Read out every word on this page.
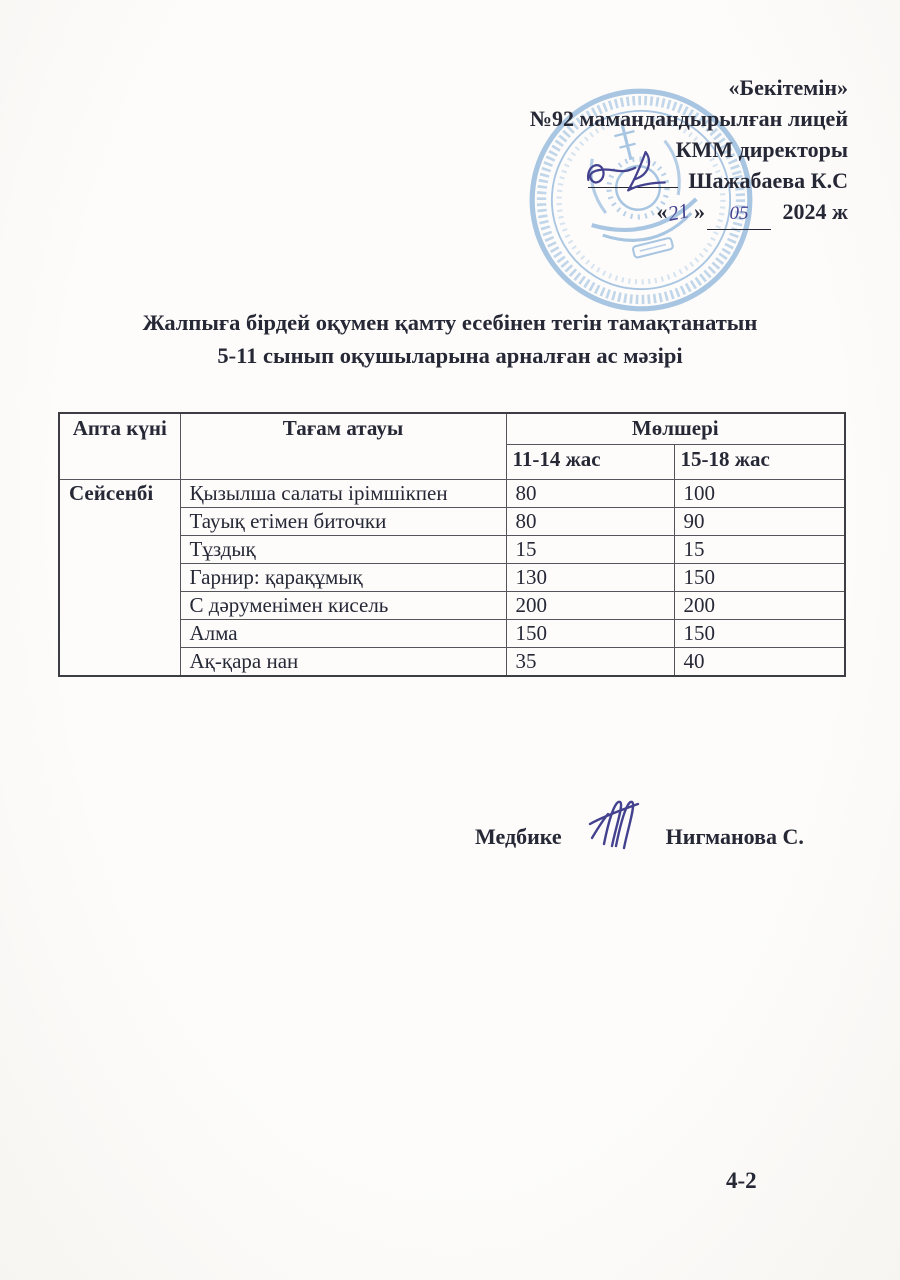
«Бекітемін»
№92 мамандандырылған лицей
КММ директоры
Шажабаева К.С
«21 » 05 2024 ж
Жалпыға бірдей оқумен қамту есебінен тегін тамақтанатын
5-11 сынып оқушыларына арналған ас мәзірі
Апта күні	Тағам атауы	Мөлшері	
		11-14 жас	15-18 жас
Сейсенбі	Қызылша салаты ірімшікпен	80	100
	Тауық етімен биточки	80	90
	Тұздық	15	15
	Гарнир: қарақұмық	130	150
	С дәруменімен кисель	200	200
	Алма	150	150
	Ақ-қара нан	35	40
Медбике	Нигманова С.
4-2
